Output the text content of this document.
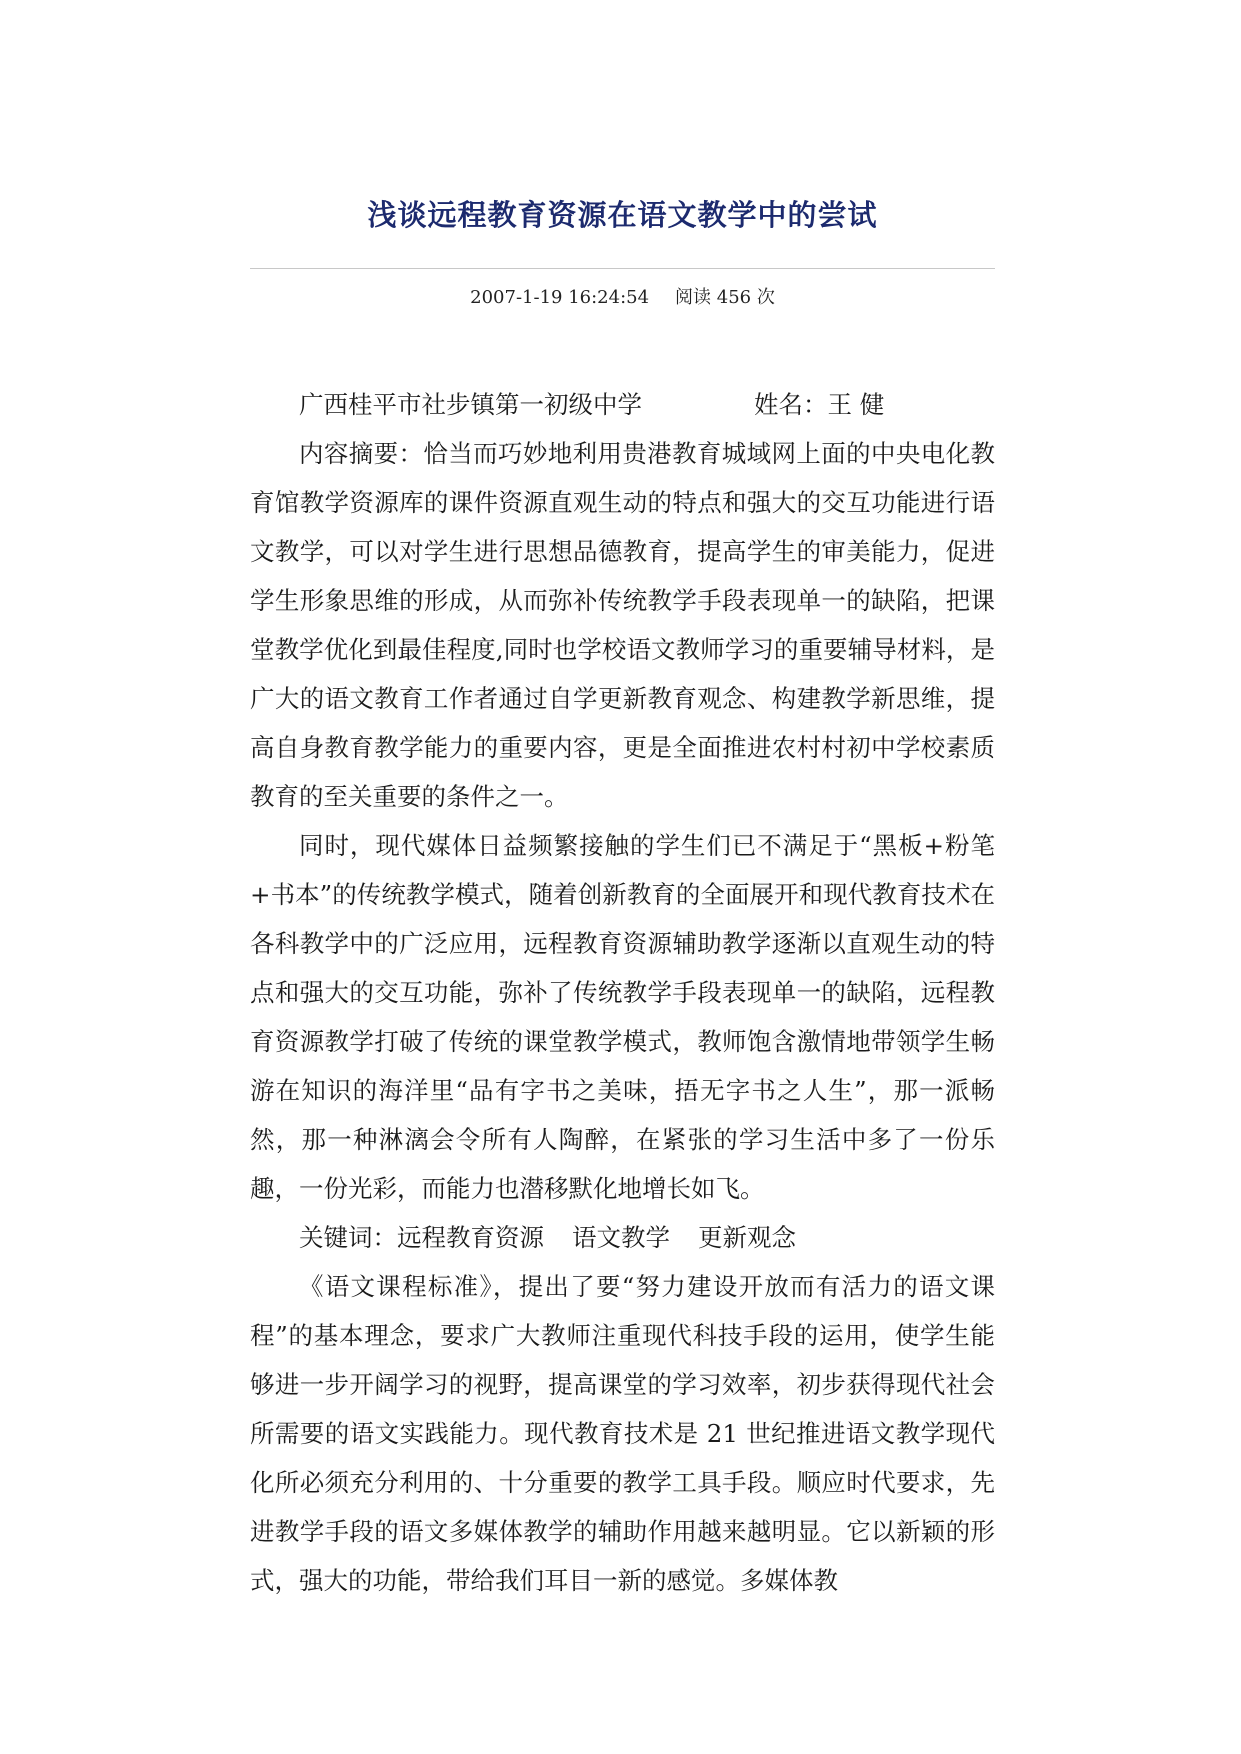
浅谈远程教育资源在语文教学中的尝试
2007-1-19 16:24:54 阅读 456 次

广西桂平市社步镇第一初级中学	姓名：王 健

内容摘要：恰当而巧妙地利用贵港教育城域网上面的中央电化教育馆教学资源库的课件资源直观生动的特点和强大的交互功能进行语文教学，可以对学生进行思想品德教育，提高学生的审美能力，促进学生形象思维的形成，从而弥补传统教学手段表现单一的缺陷，把课堂教学优化到最佳程度,同时也学校语文教师学习的重要辅导材料，是广大的语文教育工作者通过自学更新教育观念、构建教学新思维，提高自身教育教学能力的重要内容，更是全面推进农村村初中学校素质教育的至关重要的条件之一。

同时，现代媒体日益频繁接触的学生们已不满足于“黑板+粉笔+书本”的传统教学模式，随着创新教育的全面展开和现代教育技术在各科教学中的广泛应用，远程教育资源辅助教学逐渐以直观生动的特点和强大的交互功能，弥补了传统教学手段表现单一的缺陷，远程教育资源教学打破了传统的课堂教学模式，教师饱含激情地带领学生畅游在知识的海洋里“品有字书之美味，捂无字书之人生”，那一派畅然，那一种淋漓会令所有人陶醉，在紧张的学习生活中多了一份乐趣，一份光彩，而能力也潜移默化地增长如飞。

关键词：远程教育资源 语文教学 更新观念

《语文课程标准》，提出了要“努力建设开放而有活力的语文课程”的基本理念，要求广大教师注重现代科技手段的运用，使学生能够进一步开阔学习的视野，提高课堂的学习效率，初步获得现代社会所需要的语文实践能力。现代教育技术是 21 世纪推进语文教学现代化所必须充分利用的、十分重要的教学工具手段。顺应时代要求，先进教学手段的语文多媒体教学的辅助作用越来越明显。它以新颖的形式，强大的功能，带给我们耳目一新的感觉。多媒体教
